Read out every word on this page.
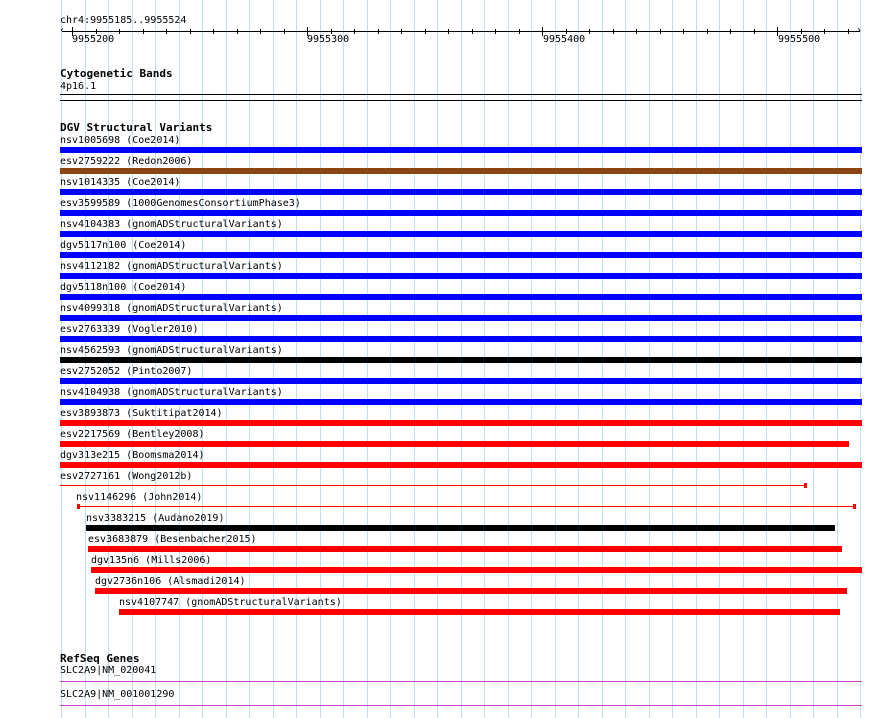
chr4:9955185..9955524
‹	›
9955200	9955300	9955400	9955500
Cytogenetic Bands
4p16.1
DGV Structural Variants
nsv1005698 (Coe2014)
esv2759222 (Redon2006)
nsv1014335 (Coe2014)
esv3599589 (1000GenomesConsortiumPhase3)
nsv4104383 (gnomADStructuralVariants)
dgv5117n100 (Coe2014)
nsv4112182 (gnomADStructuralVariants)
dgv5118n100 (Coe2014)
nsv4099318 (gnomADStructuralVariants)
esv2763339 (Vogler2010)
nsv4562593 (gnomADStructuralVariants)
esv2752052 (Pinto2007)
nsv4104938 (gnomADStructuralVariants)
esv3893873 (Suktitipat2014)
esv2217569 (Bentley2008)
dgv313e215 (Boomsma2014)
esv2727161 (Wong2012b)
nsv1146296 (John2014)
nsv3383215 (Audano2019)
esv3683879 (Besenbacher2015)
dgv135n6 (Mills2006)
dgv2736n106 (Alsmadi2014)
nsv4107747 (gnomADStructuralVariants)
RefSeq Genes
SLC2A9|NM_020041
SLC2A9|NM_001001290
